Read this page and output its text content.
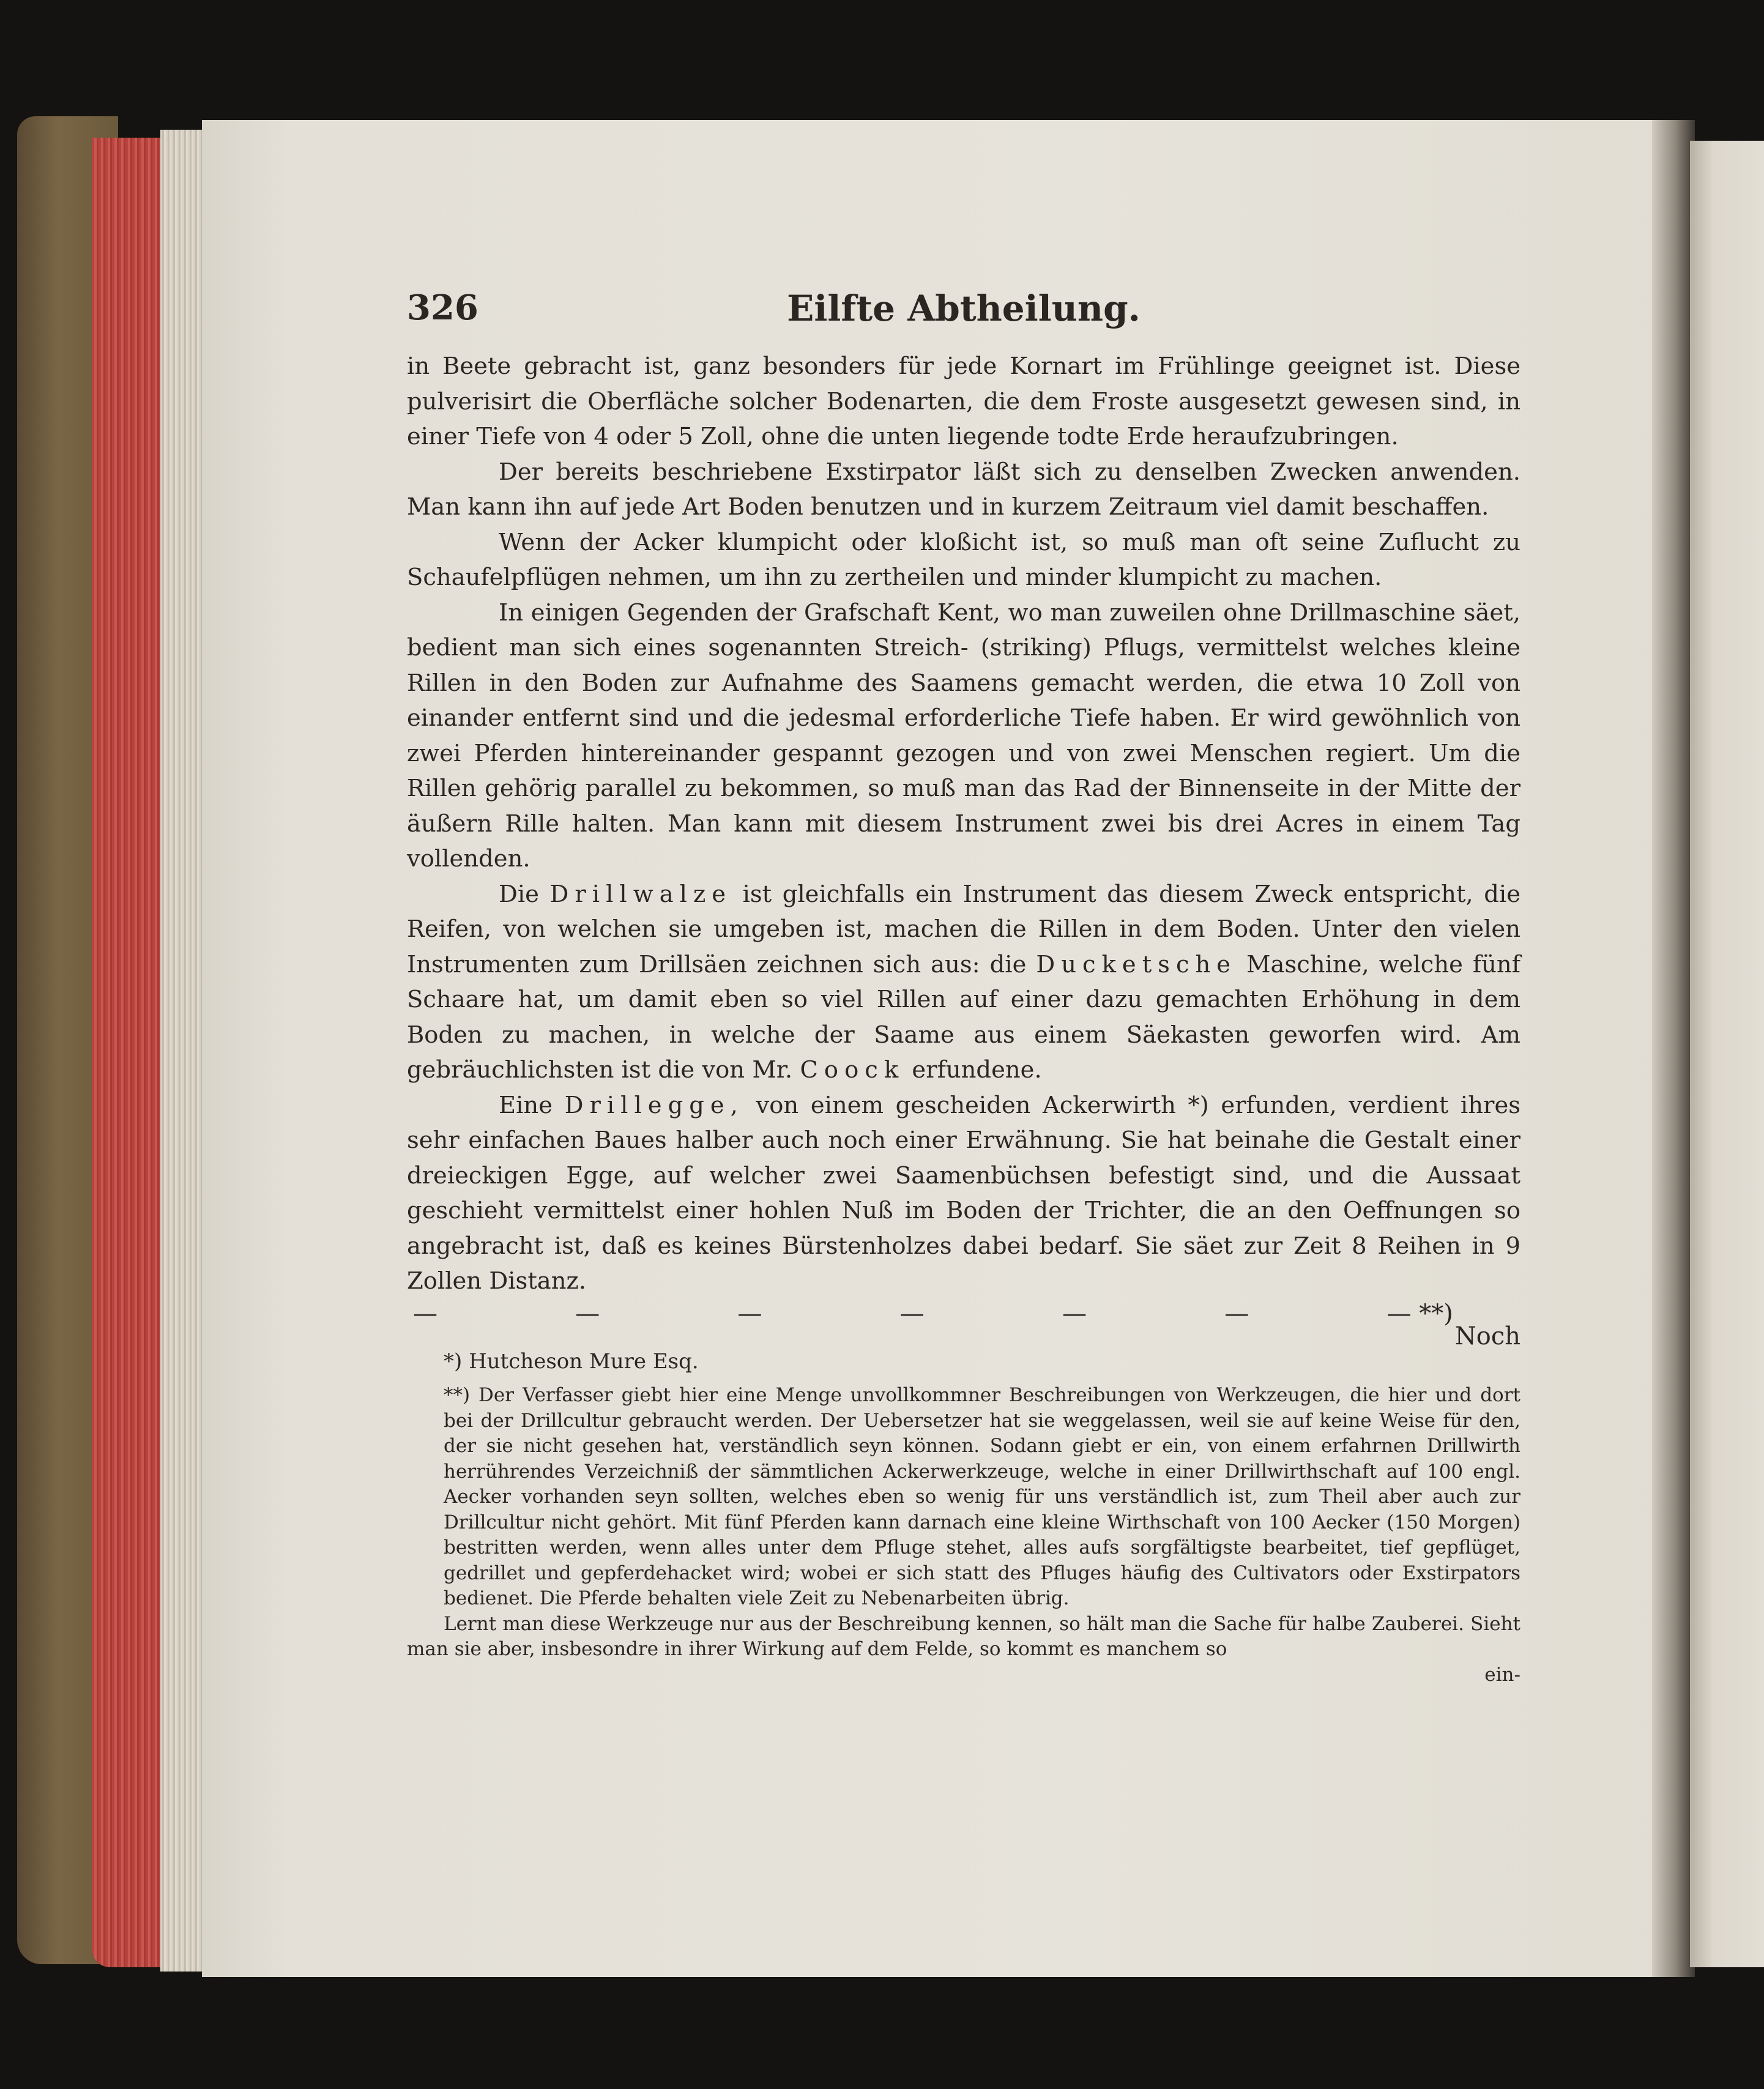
326	Eilfte Abtheilung.

in Beete gebracht ist, ganz besonders für jede Kornart im Frühlinge geeignet ist. Diese pulverisirt die Oberfläche solcher Bodenarten, die dem Froste ausgesetzt gewesen sind, in einer Tiefe von 4 oder 5 Zoll, ohne die unten liegende todte Erde heraufzubringen.

Der bereits beschriebene Exstirpator läßt sich zu denselben Zwecken anwenden. Man kann ihn auf jede Art Boden benutzen und in kurzem Zeitraum viel damit beschaffen.

Wenn der Acker klumpicht oder kloßicht ist, so muß man oft seine Zuflucht zu Schaufelpflügen nehmen, um ihn zu zertheilen und minder klumpicht zu machen.

In einigen Gegenden der Grafschaft Kent, wo man zuweilen ohne Drillmaschine säet, bedient man sich eines sogenannten Streich- (striking) Pflugs, vermittelst welches kleine Rillen in den Boden zur Aufnahme des Saamens gemacht werden, die etwa 10 Zoll von einander entfernt sind und die jedesmal erforderliche Tiefe haben. Er wird gewöhnlich von zwei Pferden hintereinander gespannt gezogen und von zwei Menschen regiert. Um die Rillen gehörig parallel zu bekommen, so muß man das Rad der Binnenseite in der Mitte der äußern Rille halten. Man kann mit diesem Instrument zwei bis drei Acres in einem Tag vollenden.

Die Drillwalze ist gleichfalls ein Instrument das diesem Zweck entspricht, die Reifen, von welchen sie umgeben ist, machen die Rillen in dem Boden. Unter den vielen Instrumenten zum Drillsäen zeichnen sich aus: die Ducketsche Maschine, welche fünf Schaare hat, um damit eben so viel Rillen auf einer dazu gemachten Erhöhung in dem Boden zu machen, in welche der Saame aus einem Säekasten geworfen wird. Am gebräuchlichsten ist die von Mr. Coock erfundene.

Eine Drillegge, von einem gescheiden Ackerwirth *) erfunden, verdient ihres sehr einfachen Baues halber auch noch einer Erwähnung. Sie hat beinahe die Gestalt einer dreieckigen Egge, auf welcher zwei Saamenbüchsen befestigt sind, und die Aussaat geschieht vermittelst einer hohlen Nuß im Boden der Trichter, die an den Oeffnungen so angebracht ist, daß es keines Bürstenholzes dabei bedarf. Sie säet zur Zeit 8 Reihen in 9 Zollen Distanz.

—	—	—	—	—	—	— **)
Noch

*) Hutcheson Mure Esq.

**) Der Verfasser giebt hier eine Menge unvollkommner Beschreibungen von Werkzeugen, die hier und dort bei der Drillcultur gebraucht werden. Der Uebersetzer hat sie weggelassen, weil sie auf keine Weise für den, der sie nicht gesehen hat, verständlich seyn können. Sodann giebt er ein, von einem erfahrnen Drillwirth herrührendes Verzeichniß der sämmtlichen Ackerwerkzeuge, welche in einer Drillwirthschaft auf 100 engl. Aecker vorhanden seyn sollten, welches eben so wenig für uns verständlich ist, zum Theil aber auch zur Drillcultur nicht gehört. Mit fünf Pferden kann darnach eine kleine Wirthschaft von 100 Aecker (150 Morgen) bestritten werden, wenn alles unter dem Pfluge stehet, alles aufs sorgfältigste bearbeitet, tief gepflüget, gedrillet und gepferdehacket wird; wobei er sich statt des Pfluges häufig des Cultivators oder Exstirpators bedienet. Die Pferde behalten viele Zeit zu Nebenarbeiten übrig.

Lernt man diese Werkzeuge nur aus der Beschreibung kennen, so hält man die Sache für halbe Zauberei. Sieht man sie aber, insbesondre in ihrer Wirkung auf dem Felde, so kommt es manchem so

ein-
